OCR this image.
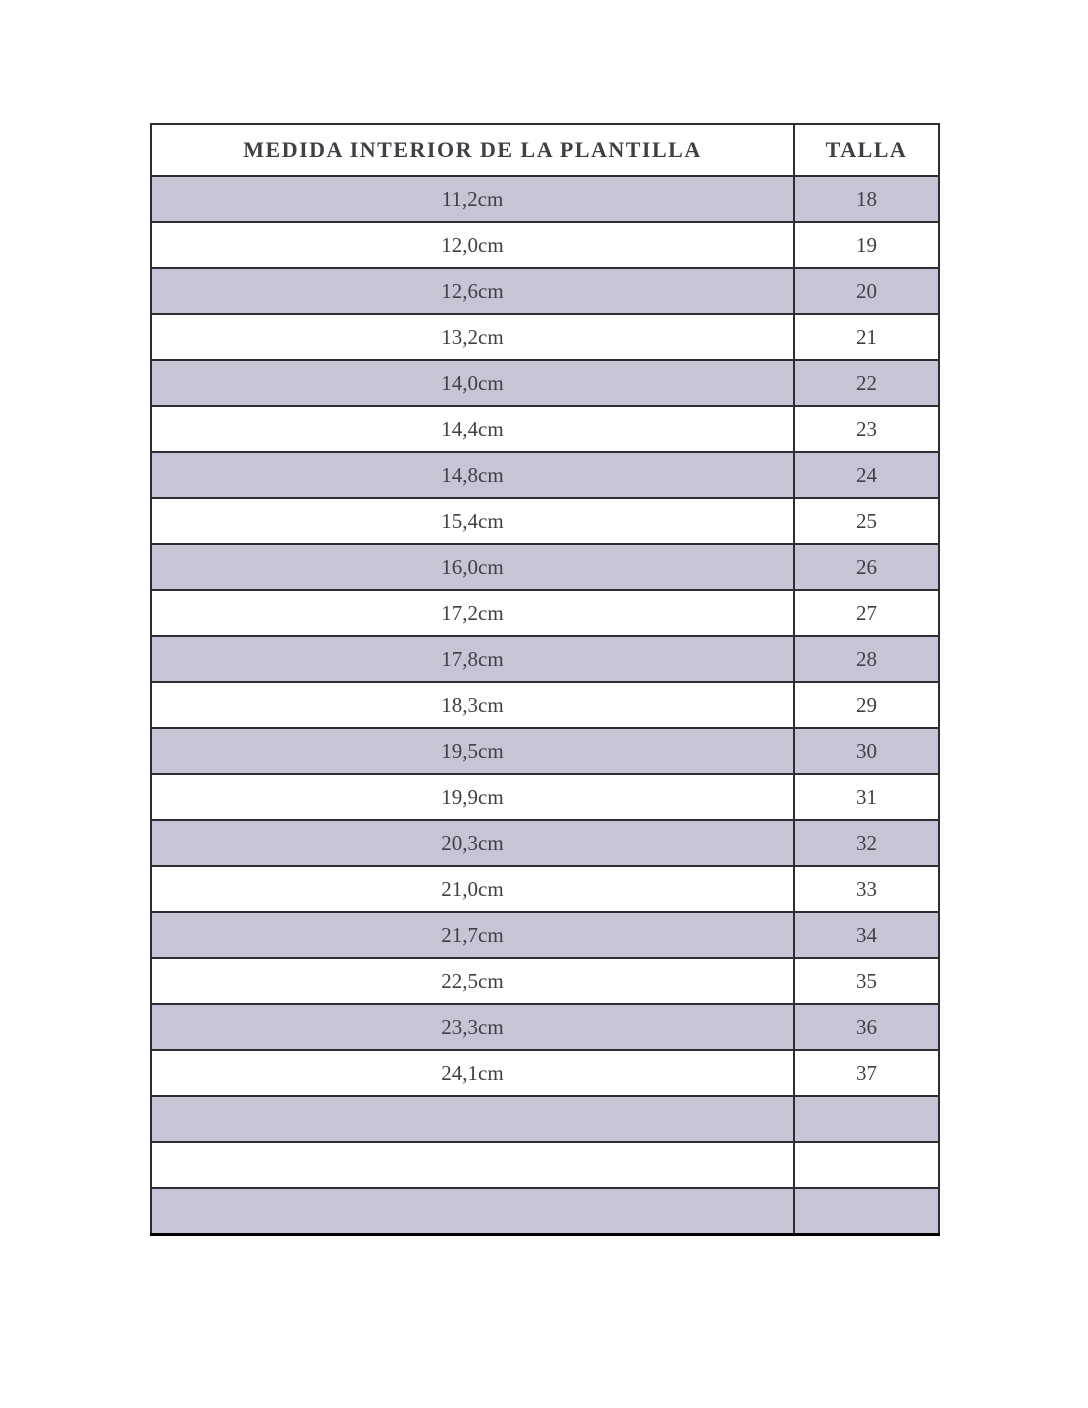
MEDIDA INTERIOR DE LA PLANTILLA	TALLA
11,2cm	18
12,0cm	19
12,6cm	20
13,2cm	21
14,0cm	22
14,4cm	23
14,8cm	24
15,4cm	25
16,0cm	26
17,2cm	27
17,8cm	28
18,3cm	29
19,5cm	30
19,9cm	31
20,3cm	32
21,0cm	33
21,7cm	34
22,5cm	35
23,3cm	36
24,1cm	37
